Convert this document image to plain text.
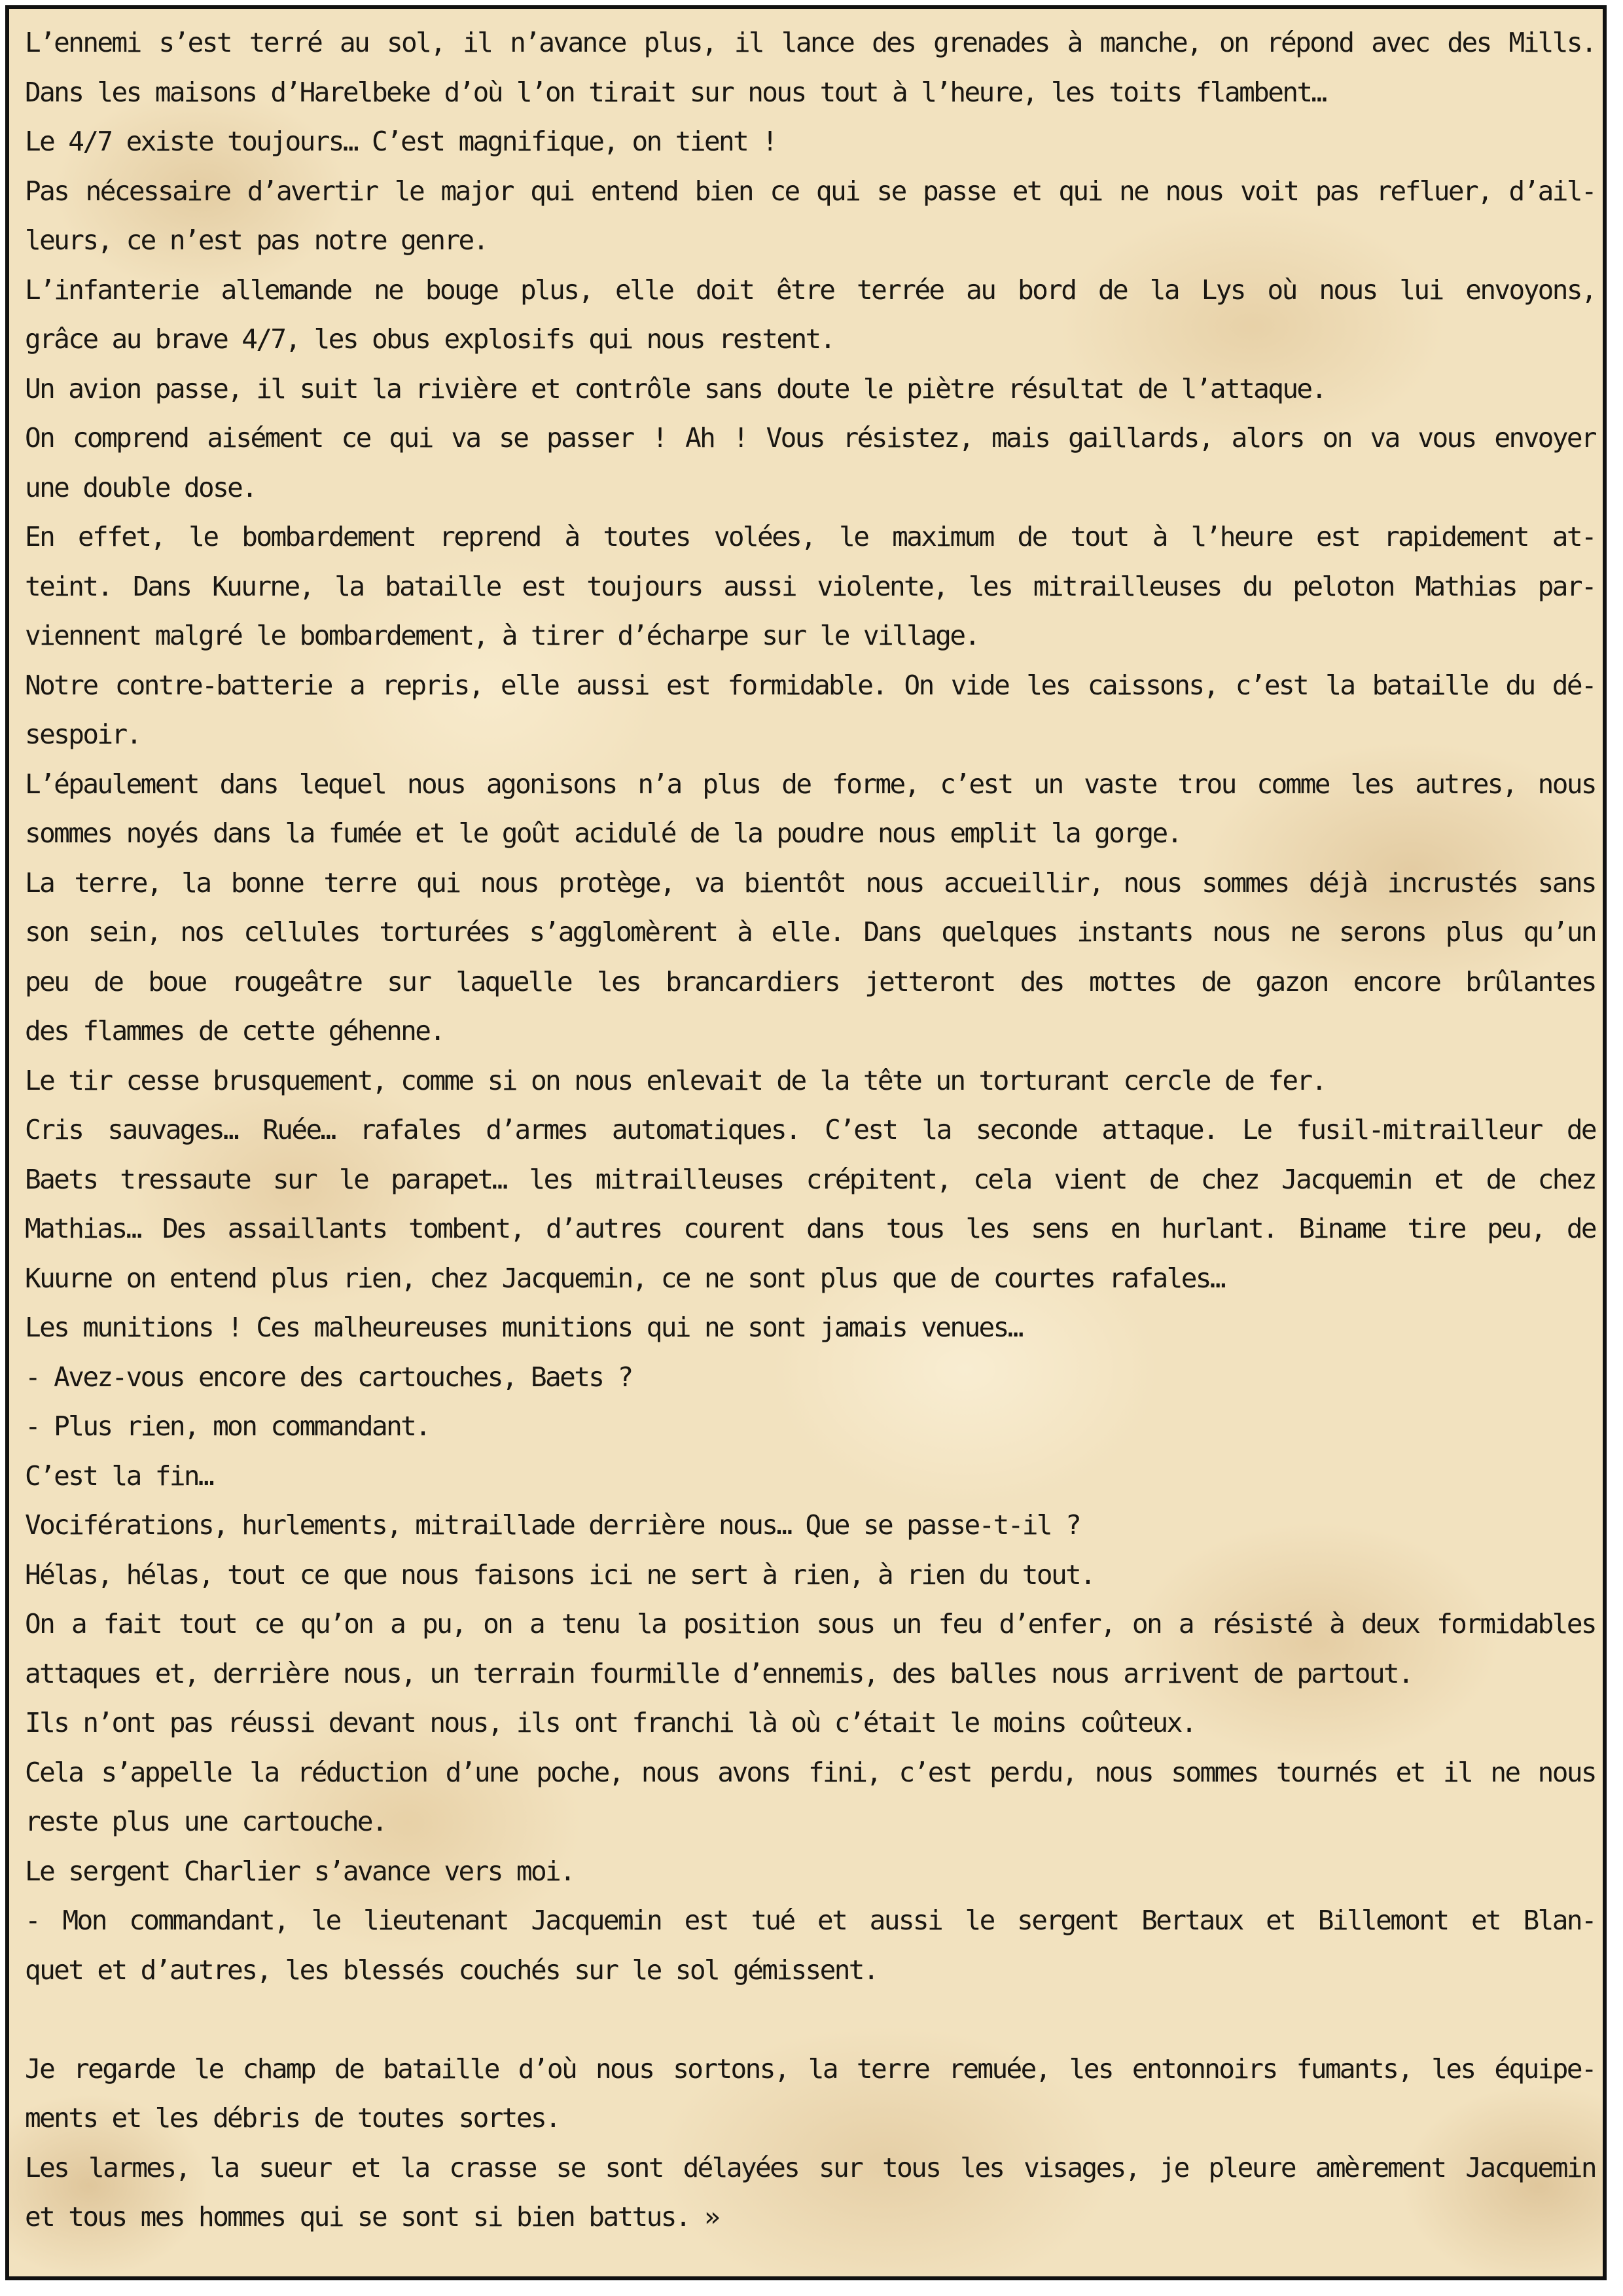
L’ennemi s’est terré au sol, il n’avance plus, il lance des grenades à manche, on répond avec des Mills.
Dans les maisons d’Harelbeke d’où l’on tirait sur nous tout à l’heure, les toits flambent…
Le 4/7 existe toujours… C’est magnifique, on tient !
Pas nécessaire d’avertir le major qui entend bien ce qui se passe et qui ne nous voit pas refluer, d’ail-
leurs, ce n’est pas notre genre.
L’infanterie allemande ne bouge plus, elle doit être terrée au bord de la Lys où nous lui envoyons,
grâce au brave 4/7, les obus explosifs qui nous restent.
Un avion passe, il suit la rivière et contrôle sans doute le piètre résultat de l’attaque.
On comprend aisément ce qui va se passer ! Ah ! Vous résistez, mais gaillards, alors on va vous envoyer
une double dose.
En effet, le bombardement reprend à toutes volées, le maximum de tout à l’heure est rapidement at-
teint. Dans Kuurne, la bataille est toujours aussi violente, les mitrailleuses du peloton Mathias par-
viennent malgré le bombardement, à tirer d’écharpe sur le village.
Notre contre-batterie a repris, elle aussi est formidable. On vide les caissons, c’est la bataille du dé-
sespoir.
L’épaulement dans lequel nous agonisons n’a plus de forme, c’est un vaste trou comme les autres, nous
sommes noyés dans la fumée et le goût acidulé de la poudre nous emplit la gorge.
La terre, la bonne terre qui nous protège, va bientôt nous accueillir, nous sommes déjà incrustés sans
son sein, nos cellules torturées s’agglomèrent à elle. Dans quelques instants nous ne serons plus qu’un
peu de boue rougeâtre sur laquelle les brancardiers jetteront des mottes de gazon encore brûlantes
des flammes de cette géhenne.
Le tir cesse brusquement, comme si on nous enlevait de la tête un torturant cercle de fer.
Cris sauvages… Ruée… rafales d’armes automatiques. C’est la seconde attaque. Le fusil-mitrailleur de
Baets tressaute sur le parapet… les mitrailleuses crépitent, cela vient de chez Jacquemin et de chez
Mathias… Des assaillants tombent, d’autres courent dans tous les sens en hurlant. Biname tire peu, de
Kuurne on entend plus rien, chez Jacquemin, ce ne sont plus que de courtes rafales…
Les munitions ! Ces malheureuses munitions qui ne sont jamais venues…
- Avez-vous encore des cartouches, Baets ?
- Plus rien, mon commandant.
C’est la fin…
Vociférations, hurlements, mitraillade derrière nous… Que se passe-t-il ?
Hélas, hélas, tout ce que nous faisons ici ne sert à rien, à rien du tout.
On a fait tout ce qu’on a pu, on a tenu la position sous un feu d’enfer, on a résisté à deux formidables
attaques et, derrière nous, un terrain fourmille d’ennemis, des balles nous arrivent de partout.
Ils n’ont pas réussi devant nous, ils ont franchi là où c’était le moins coûteux.
Cela s’appelle la réduction d’une poche, nous avons fini, c’est perdu, nous sommes tournés et il ne nous
reste plus une cartouche.
Le sergent Charlier s’avance vers moi.
- Mon commandant, le lieutenant Jacquemin est tué et aussi le sergent Bertaux et Billemont et Blan-
quet et d’autres, les blessés couchés sur le sol gémissent.
Je regarde le champ de bataille d’où nous sortons, la terre remuée, les entonnoirs fumants, les équipe-
ments et les débris de toutes sortes.
Les larmes, la sueur et la crasse se sont délayées sur tous les visages, je pleure amèrement Jacquemin
et tous mes hommes qui se sont si bien battus. »
